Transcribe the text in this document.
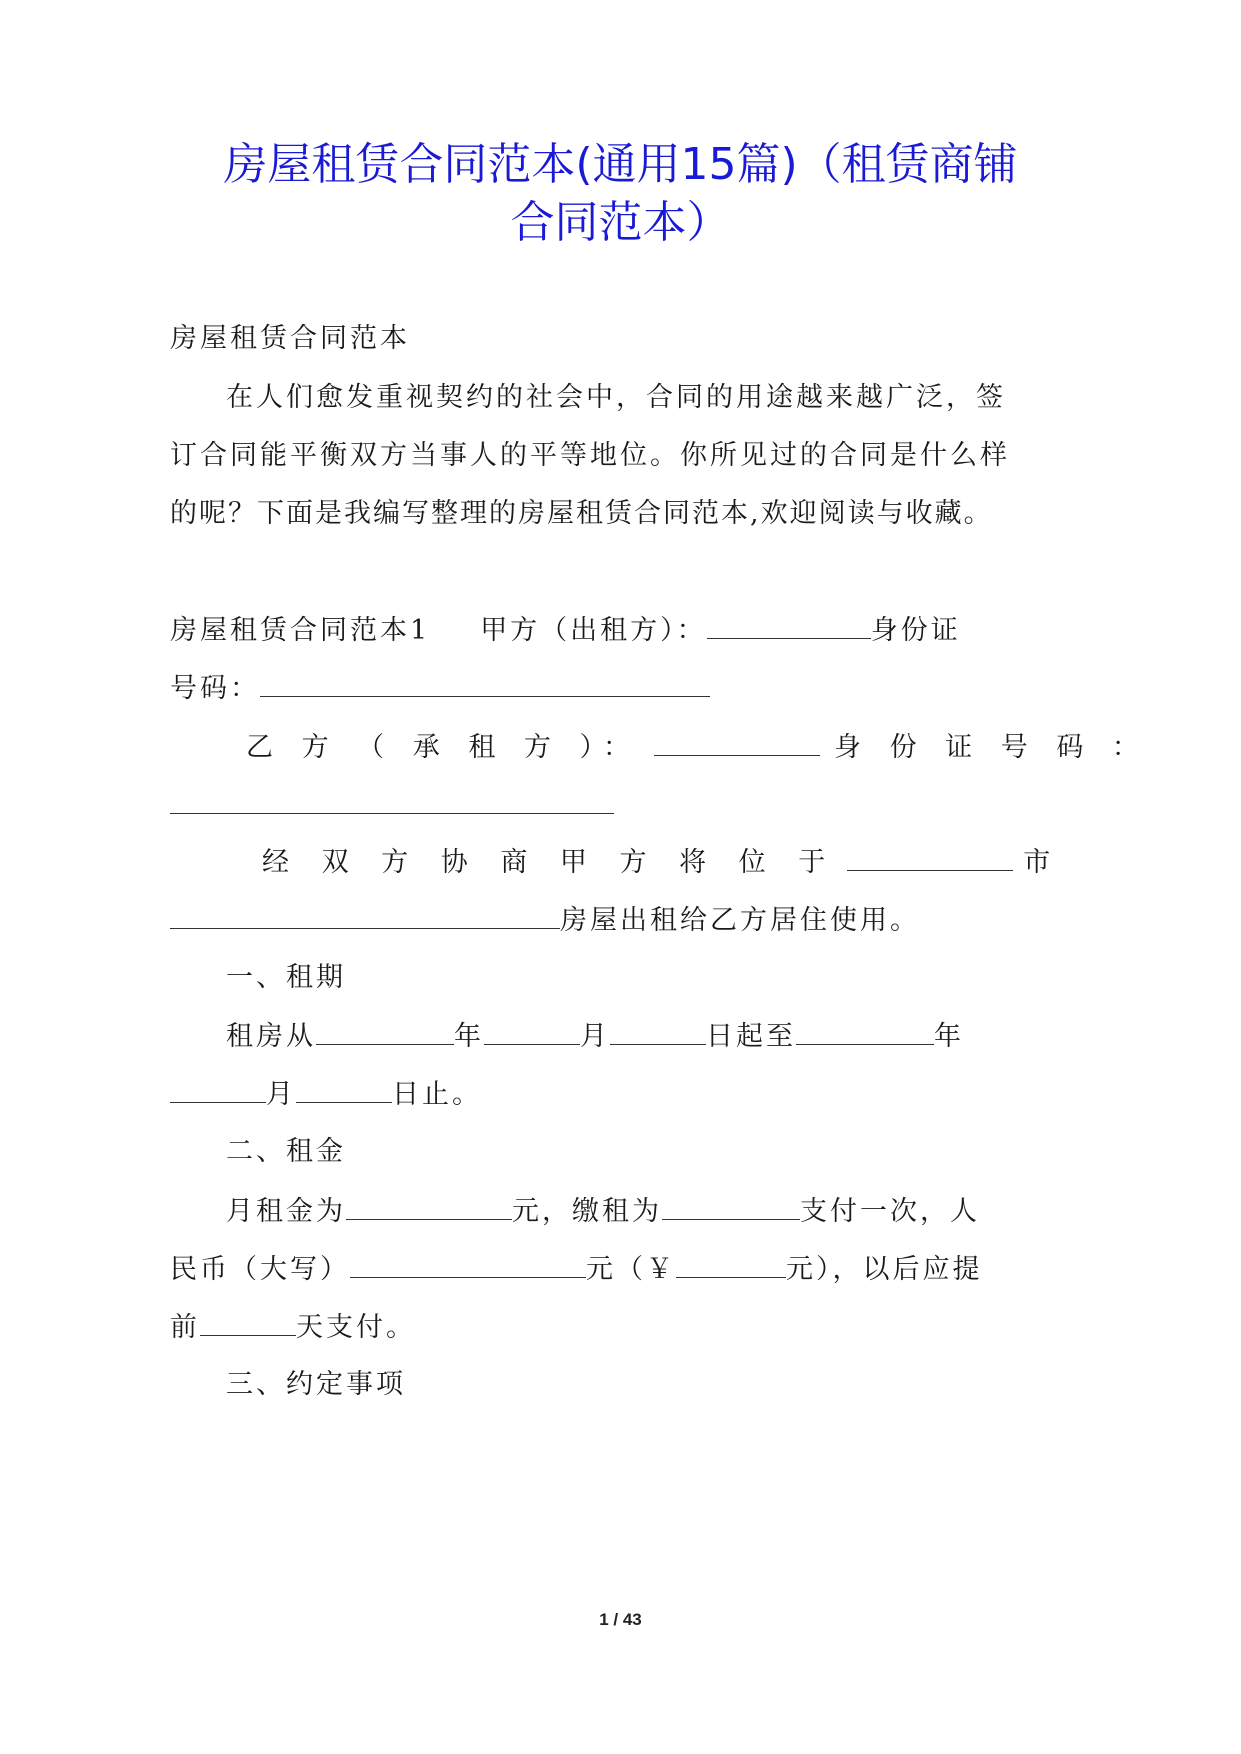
房屋租赁合同范本(通用15篇)（租赁商铺
合同范本）
房屋租赁合同范本
在人们愈发重视契约的社会中，合同的用途越来越广泛，签
订合同能平衡双方当事人的平等地位。你所见过的合同是什么样
的呢？下面是我编写整理的房屋租赁合同范本,欢迎阅读与收藏。
房屋租赁合同范本1 甲方（出租方）：	身份证
号码：
乙 方 （ 承 租 方 ）：	身 份 证 号 码 ：
经 双 方 协 商 甲 方 将 位 于	市
房屋出租给乙方居住使用。
一、租期
租房从	年	月	日起至	年
月	日止。
二、租金
月租金为	元，缴租为	支付一次，人
民币（大写）	元（￥	元），以后应提
前	天支付。
三、约定事项
1 / 43
